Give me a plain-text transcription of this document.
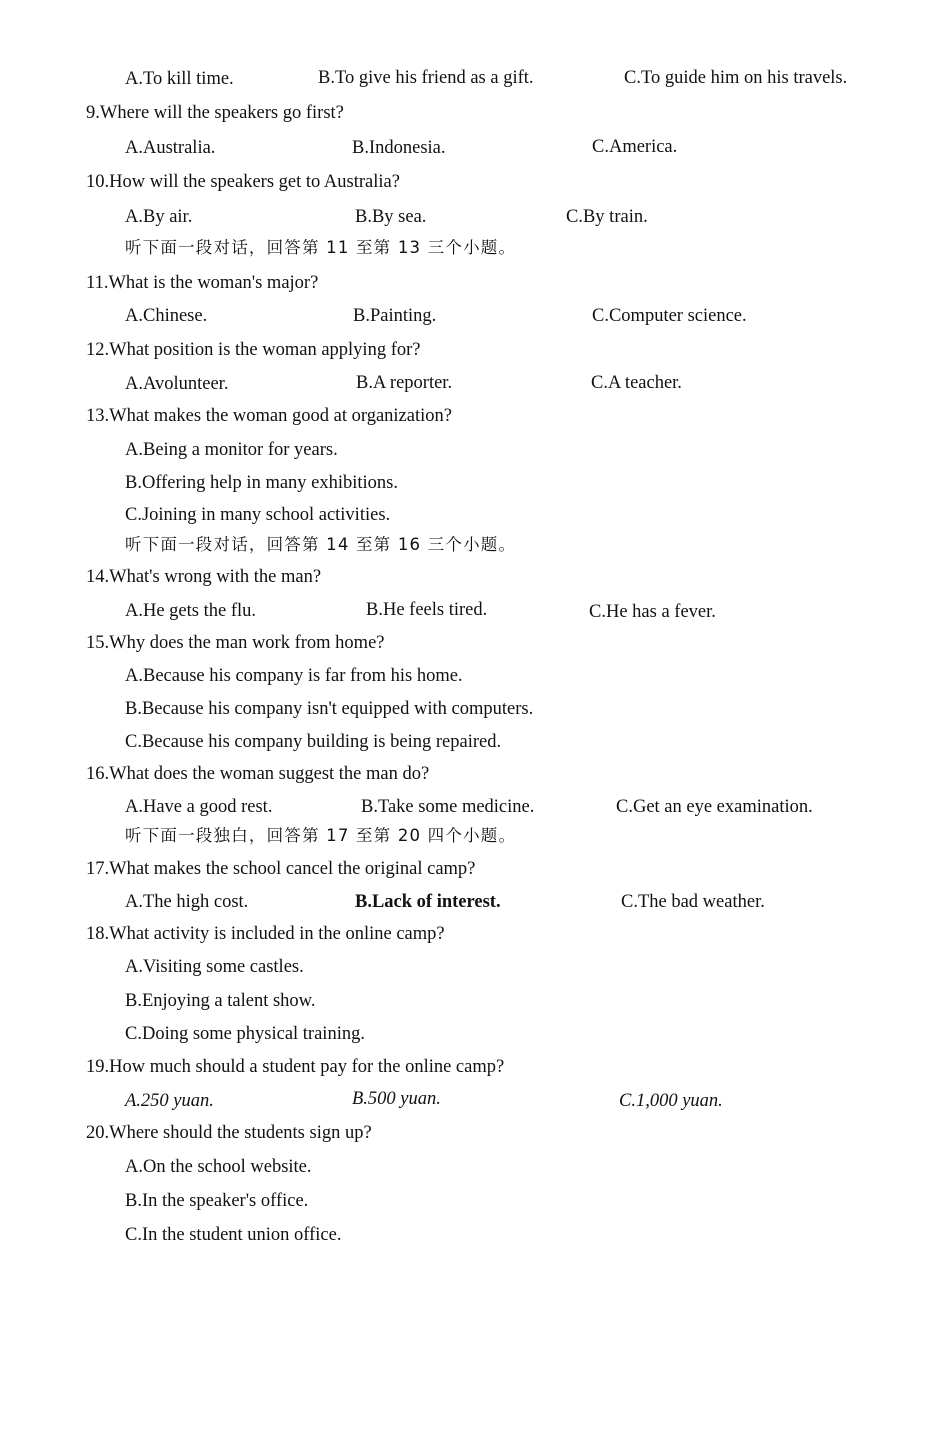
A.To kill time.	B.To give his friend as a gift.	C.To guide him on his travels.
9.Where will the speakers go first?
A.Australia.	B.Indonesia.	C.America.
10.How will the speakers get to Australia?
A.By air.	B.By sea.	C.By train.
听下面一段对话，回答第 11 至第 13 三个小题。
11.What is the woman's major?
A.Chinese.	B.Painting.	C.Computer science.
12.What position is the woman applying for?
A.Avolunteer.	B.A reporter.	C.A teacher.
13.What makes the woman good at organization?
A.Being a monitor for years.
B.Offering help in many exhibitions.
C.Joining in many school activities.
听下面一段对话，回答第 14 至第 16 三个小题。
14.What's wrong with the man?
A.He gets the flu.	B.He feels tired.	C.He has a fever.
15.Why does the man work from home?
A.Because his company is far from his home.
B.Because his company isn't equipped with computers.
C.Because his company building is being repaired.
16.What does the woman suggest the man do?
A.Have a good rest.	B.Take some medicine.	C.Get an eye examination.
听下面一段独白，回答第 17 至第 20 四个小题。
17.What makes the school cancel the original camp?
A.The high cost.	B.Lack of interest.	C.The bad weather.
18.What activity is included in the online camp?
A.Visiting some castles.
B.Enjoying a talent show.
C.Doing some physical training.
19.How much should a student pay for the online camp?
A.250 yuan.	B.500 yuan.	C.1,000 yuan.
20.Where should the students sign up?
A.On the school website.
B.In the speaker's office.
C.In the student union office.
